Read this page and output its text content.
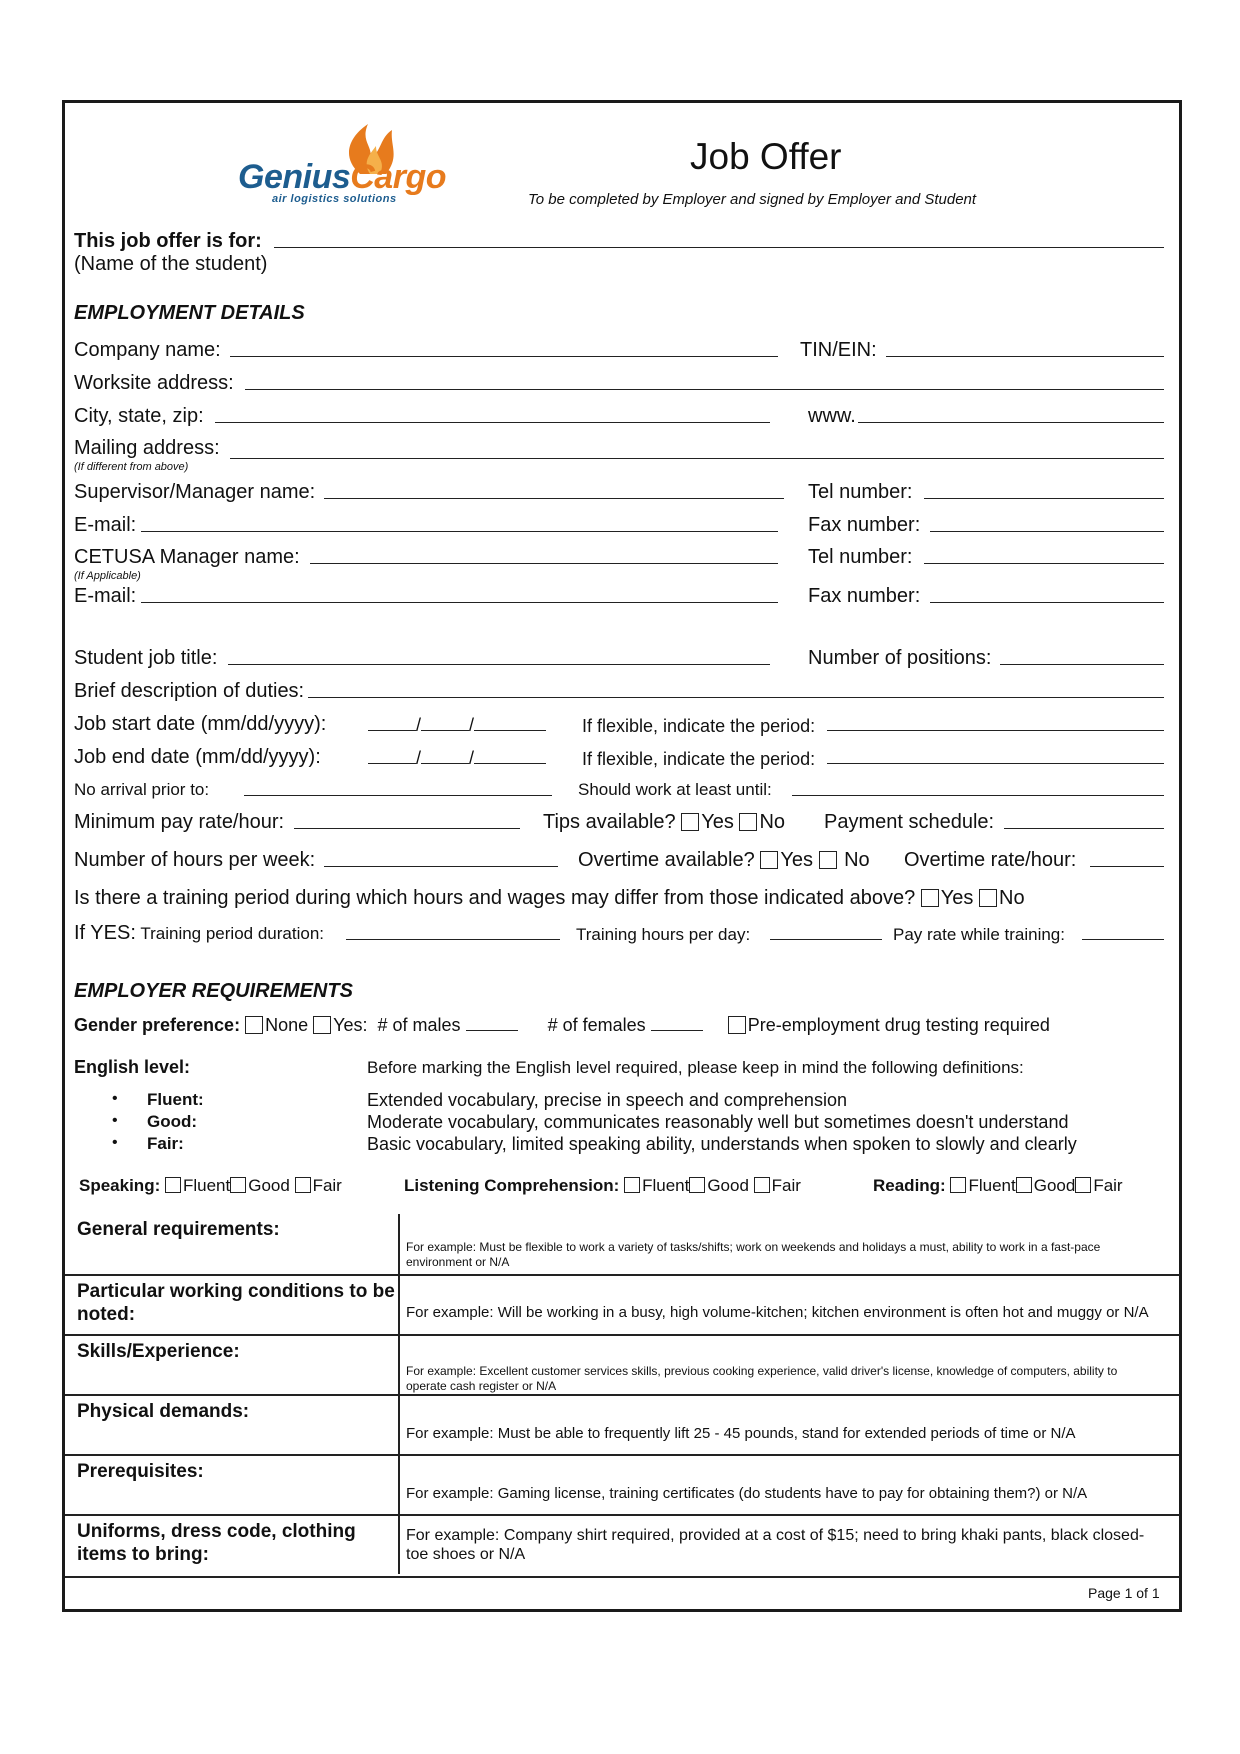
GeniusCargo
air logistics solutions
Job Offer
To be completed by Employer and signed by Employer and Student
This job offer is for:
(Name of the student)
EMPLOYMENT DETAILS
Company name:	TIN/EIN:
Worksite address:
City, state, zip:	www.
Mailing address:
(If different from above)
Supervisor/Manager name:	Tel number:
E-mail:	Fax number:
CETUSA Manager name:	Tel number:
(If Applicable)
E-mail:	Fax number:
Student job title:	Number of positions:
Brief description of duties:
Job start date (mm/dd/yyyy):	/	/	If flexible, indicate the period:
Job end date (mm/dd/yyyy):	/	/	If flexible, indicate the period:
No arrival prior to:	Should work at least until:
Minimum pay rate/hour:	Tips available? Yes No Payment schedule:
Number of hours per week:	Overtime available? Yes No Overtime rate/hour:
Is there a training period during which hours and wages may differ from those indicated above? Yes No
If YES: Training period duration:	Training hours per day:	Pay rate while training:
EMPLOYER REQUIREMENTS
Gender preference: None Yes: # of males	# of females	Pre-employment drug testing required
English level:	Before marking the English level required, please keep in mind the following definitions:
• Fluent:	Extended vocabulary, precise in speech and comprehension
• Good:	Moderate vocabulary, communicates reasonably well but sometimes doesn't understand
• Fair:	Basic vocabulary, limited speaking ability, understands when spoken to slowly and clearly
Speaking: Fluent Good Fair	Listening Comprehension: Fluent Good Fair	Reading: Fluent Good Fair
General requirements:
For example: Must be flexible to work a variety of tasks/shifts; work on weekends and holidays a must, ability to work in a fast-pace environment or N/A
Particular working conditions to be noted:	For example: Will be working in a busy, high volume-kitchen; kitchen environment is often hot and muggy or N/A
Skills/Experience:
For example: Excellent customer services skills, previous cooking experience, valid driver's license, knowledge of computers, ability to operate cash register or N/A
Physical demands:
For example: Must be able to frequently lift 25 - 45 pounds, stand for extended periods of time or N/A
Prerequisites:
For example: Gaming license, training certificates (do students have to pay for obtaining them?) or N/A
Uniforms, dress code, clothing items to bring:
For example: Company shirt required, provided at a cost of $15; need to bring khaki pants, black closed-toe shoes or N/A
Page 1 of 1
